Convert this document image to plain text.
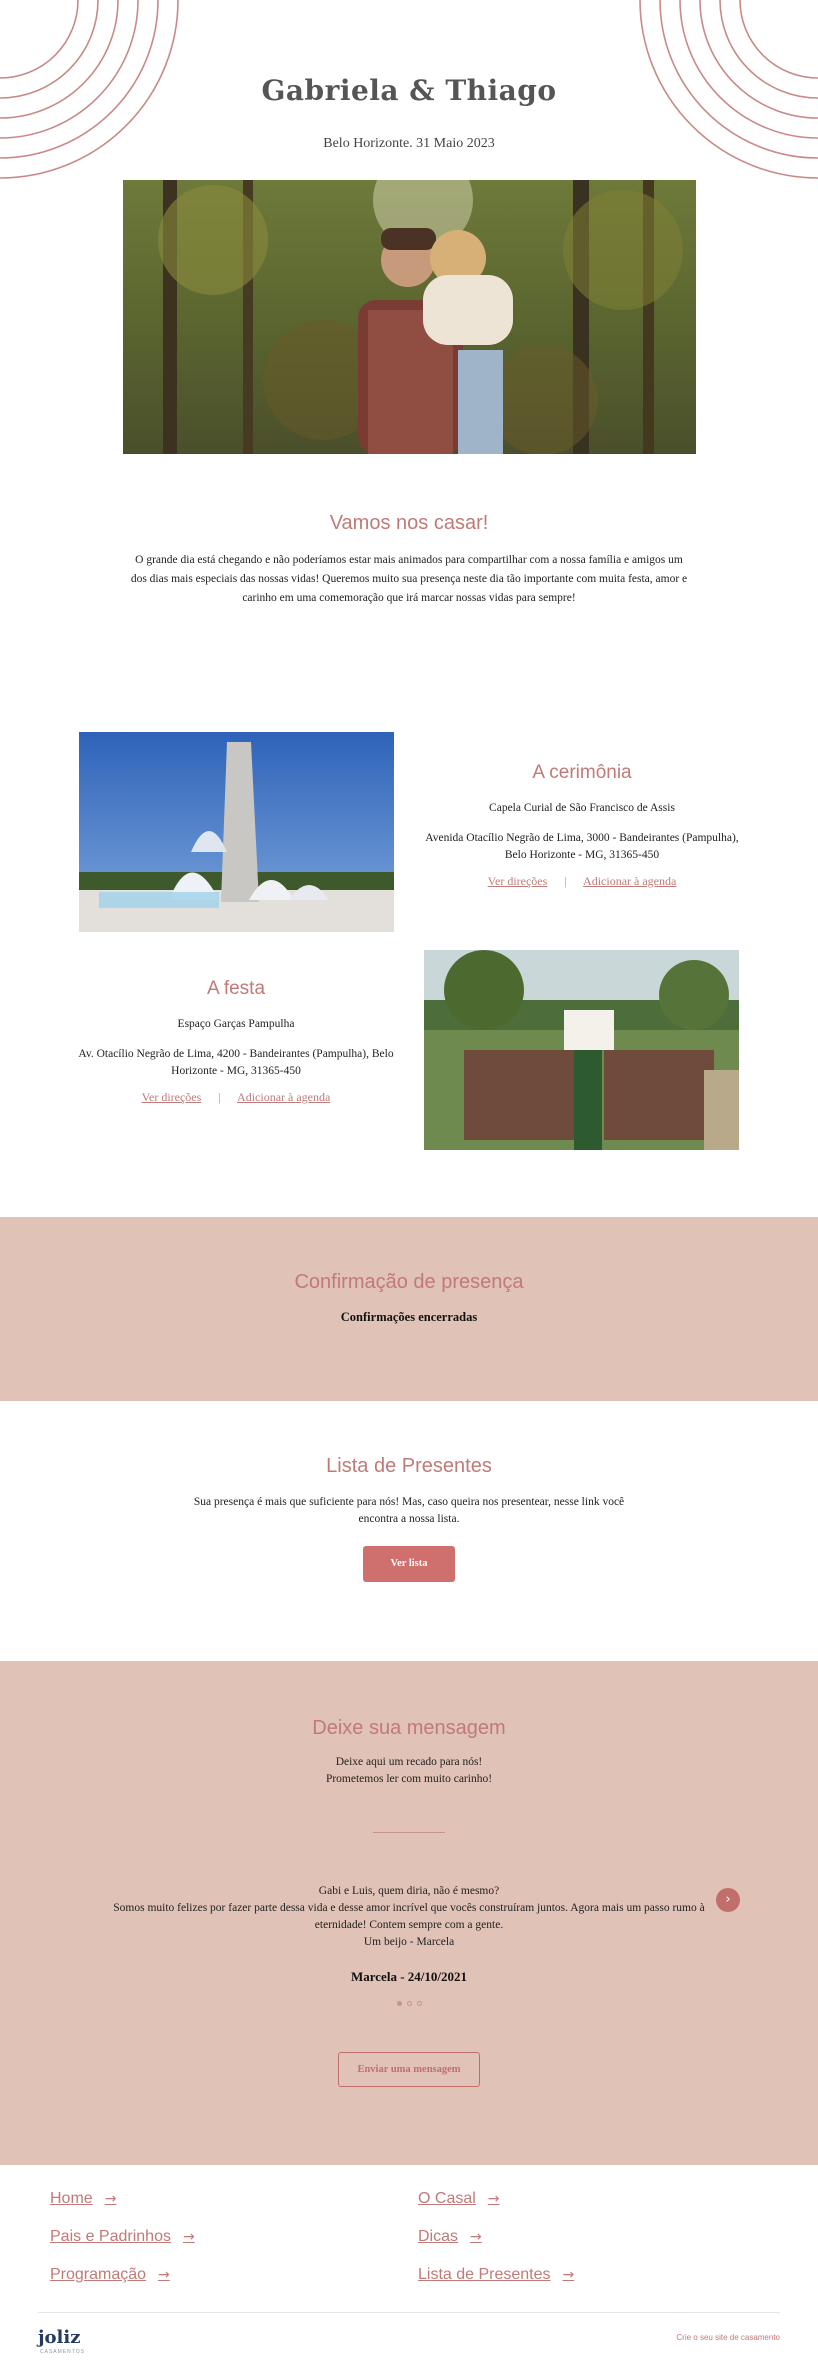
Gabriela & Thiago
Belo Horizonte. 31 Maio 2023
Vamos nos casar!

O grande dia está chegando e não poderíamos estar mais animados para compartilhar com a nossa família e amigos um dos dias mais especiais das nossas vidas! Queremos muito sua presença neste dia tão importante com muita festa, amor e carinho em uma comemoração que irá marcar nossas vidas para sempre!

A cerimônia
Capela Curial de São Francisco de Assis
Avenida Otacílio Negrão de Lima, 3000 - Bandeirantes (Pampulha), Belo Horizonte - MG, 31365-450
Ver direções | Adicionar à agenda
A festa
Espaço Garças Pampulha
Av. Otacílio Negrão de Lima, 4200 - Bandeirantes (Pampulha), Belo Horizonte - MG, 31365-450
Ver direções | Adicionar à agenda
Confirmação de presença
Confirmações encerradas
Lista de Presentes

Sua presença é mais que suficiente para nós! Mas, caso queira nos presentear, nesse link você encontra a nossa lista.

Ver lista
Deixe sua mensagem
Deixe aqui um recado para nós!
Prometemos ler com muito carinho!
Gabi e Luis, quem diria, não é mesmo?
Somos muito felizes por fazer parte dessa vida e desse amor incrível que vocês construíram juntos. Agora mais um passo rumo à eternidade! Contem sempre com a gente.
Um beijo - Marcela
Marcela - 24/10/2021
›
Enviar uma mensagem
Home →	O Casal →
Pais e Padrinhos →	Dicas →
Programação →	Lista de Presentes →
joliz
CASAMENTOS
Crie o seu site de casamento
